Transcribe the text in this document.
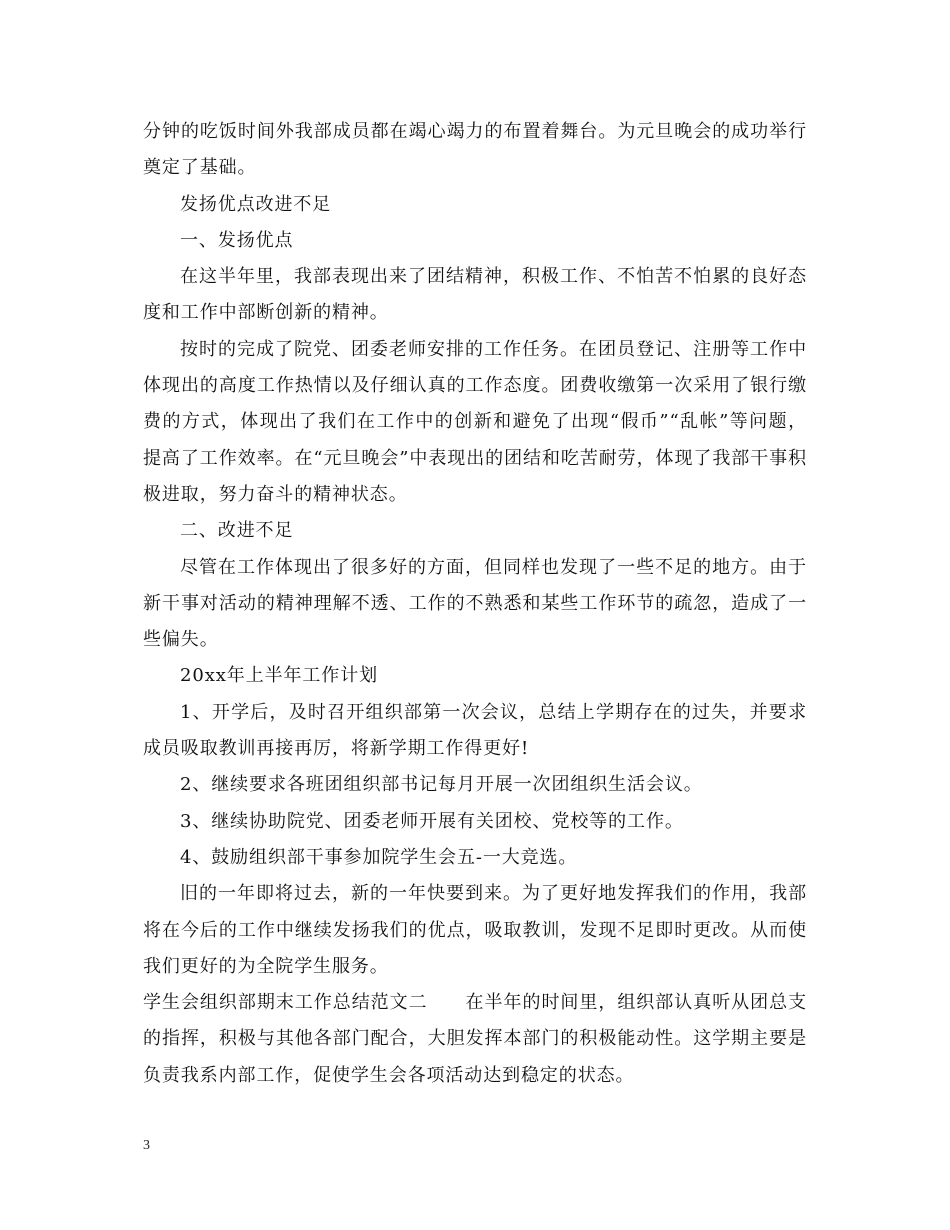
分钟的吃饭时间外我部成员都在竭心竭力的布置着舞台。为元旦晚会的成功举行奠定了基础。

发扬优点改进不足

一、发扬优点

在这半年里，我部表现出来了团结精神，积极工作、不怕苦不怕累的良好态度和工作中部断创新的精神。

按时的完成了院党、团委老师安排的工作任务。在团员登记、注册等工作中体现出的高度工作热情以及仔细认真的工作态度。团费收缴第一次采用了银行缴费的方式，体现出了我们在工作中的创新和避免了出现“假币”“乱帐”等问题，提高了工作效率。在“元旦晚会”中表现出的团结和吃苦耐劳，体现了我部干事积极进取，努力奋斗的精神状态。

二、改进不足

尽管在工作体现出了很多好的方面，但同样也发现了一些不足的地方。由于新干事对活动的精神理解不透、工作的不熟悉和某些工作环节的疏忽，造成了一些偏失。

20xx年上半年工作计划

1、开学后，及时召开组织部第一次会议，总结上学期存在的过失，并要求成员吸取教训再接再厉，将新学期工作得更好!

2、继续要求各班团组织部书记每月开展一次团组织生活会议。

3、继续协助院党、团委老师开展有关团校、党校等的工作。

4、鼓励组织部干事参加院学生会五-一大竞选。

旧的一年即将过去，新的一年快要到来。为了更好地发挥我们的作用，我部将在今后的工作中继续发扬我们的优点，吸取教训，发现不足即时更改。从而使我们更好的为全院学生服务。

学生会组织部期末工作总结范文二　　在半年的时间里，组织部认真听从团总支的指挥，积极与其他各部门配合，大胆发挥本部门的积极能动性。这学期主要是负责我系内部工作，促使学生会各项活动达到稳定的状态。

3
